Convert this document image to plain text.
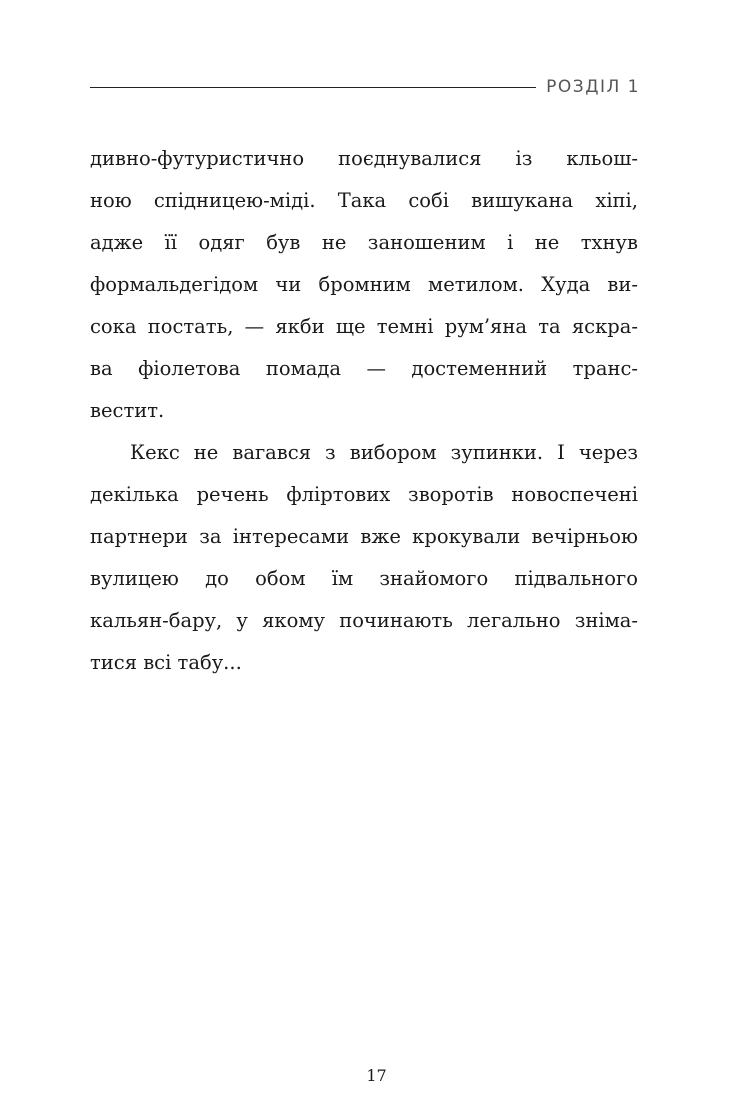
РОЗДІЛ 1
дивно-футуристично поєднувалися із кльош-
ною спідницею-міді. Така собі вишукана хіпі,
адже її одяг був не заношеним і не тхнув
формальдегідом чи бромним метилом. Худа ви-
сока постать, — якби ще темні рум’яна та яскра-
ва фіолетова помада — достеменний транс-
вестит.
Кекс не вагався з вибором зупинки. І через
декілька речень фліртових зворотів новоспечені
партнери за інтересами вже крокували вечірньою
вулицею до обом їм знайомого підвального
кальян-бару, у якому починають легально зніма-
тися всі табу...
17
